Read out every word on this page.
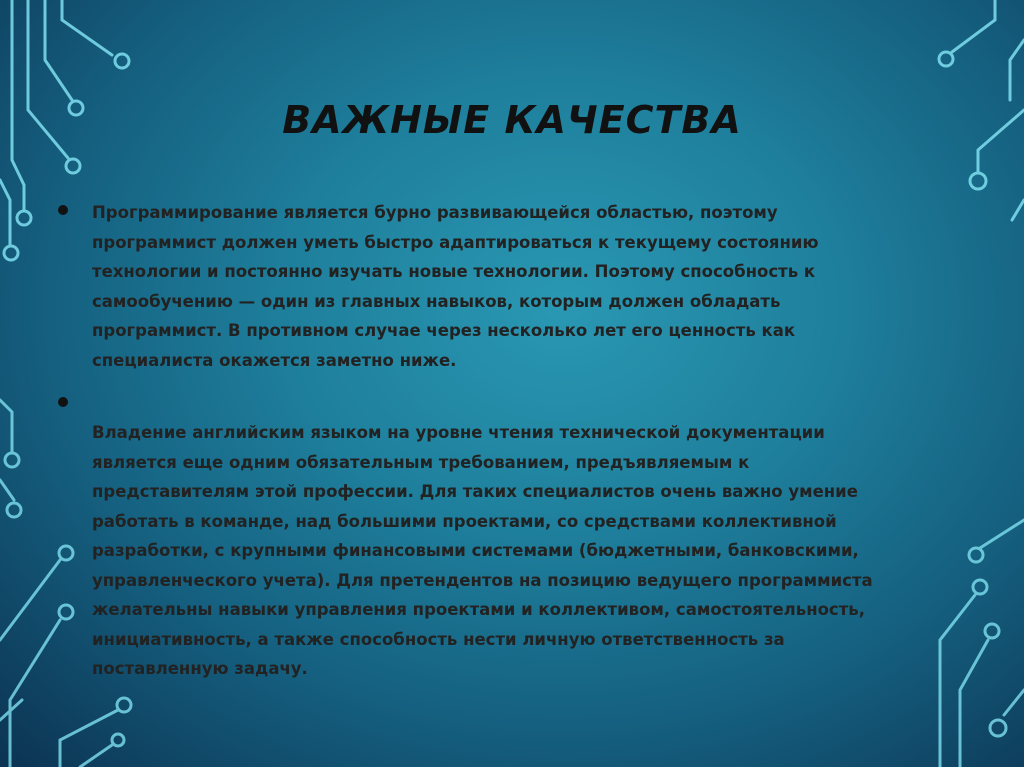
ВАЖНЫЕ КАЧЕСТВА
Программирование является бурно развивающейся областью, поэтому
программист должен уметь быстро адаптироваться к текущему состоянию
технологии и постоянно изучать новые технологии. Поэтому способность к
самообучению — один из главных навыков, которым должен обладать
программист. В противном случае через несколько лет его ценность как
специалиста окажется заметно ниже.
Владение английским языком на уровне чтения технической документации
является еще одним обязательным требованием, предъявляемым к
представителям этой профессии. Для таких специалистов очень важно умение
работать в команде, над большими проектами, со средствами коллективной
разработки, с крупными финансовыми системами (бюджетными, банковскими,
управленческого учета). Для претендентов на позицию ведущего программиста
желательны навыки управления проектами и коллективом, самостоятельность,
инициативность, а также способность нести личную ответственность за
поставленную задачу.
